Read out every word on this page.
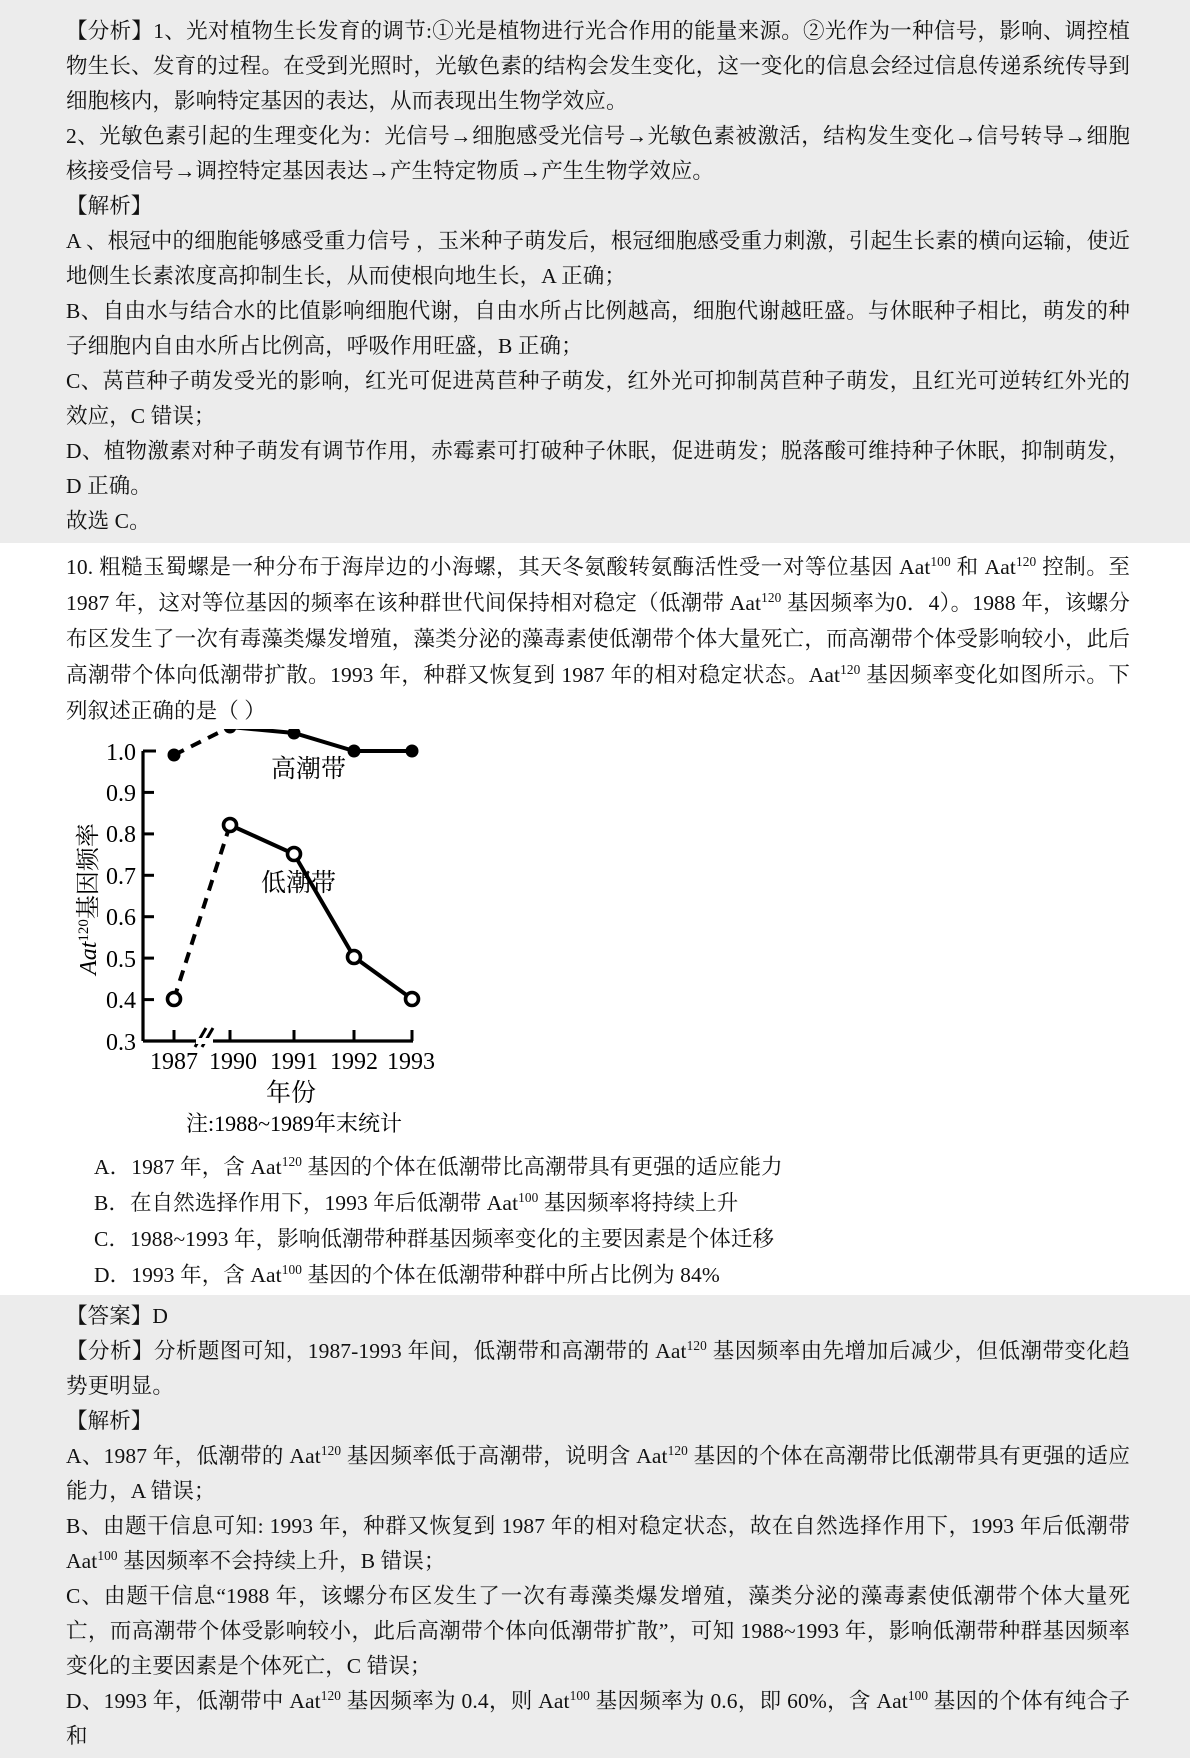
【分析】1、光对植物生长发育的调节:①光是植物进行光合作用的能量来源。②光作为一种信号，影响、调控植物生长、发育的过程。在受到光照时，光敏色素的结构会发生变化，这一变化的信息会经过信息传递系统传导到细胞核内，影响特定基因的表达，从而表现出生物学效应。

2、光敏色素引起的生理变化为：光信号→细胞感受光信号→光敏色素被激活，结构发生变化→信号转导→细胞核接受信号→调控特定基因表达→产生特定物质→产生生物学效应。

【解析】

A 、根冠中的细胞能够感受重力信号 ，玉米种子萌发后，根冠细胞感受重力刺激，引起生长素的横向运输，使近地侧生长素浓度高抑制生长，从而使根向地生长，A 正确；

B、自由水与结合水的比值影响细胞代谢，自由水所占比例越高，细胞代谢越旺盛。与休眠种子相比，萌发的种子细胞内自由水所占比例高，呼吸作用旺盛，B 正确；

C、莴苣种子萌发受光的影响，红光可促进莴苣种子萌发，红外光可抑制莴苣种子萌发，且红光可逆转红外光的效应，C 错误；

D、植物激素对种子萌发有调节作用，赤霉素可打破种子休眠，促进萌发；脱落酸可维持种子休眠，抑制萌发，D 正确。

故选 C。

10. 粗糙玉蜀螺是一种分布于海岸边的小海螺，其天冬氨酸转氨酶活性受一对等位基因 Aat$^{100}$ 和 Aat$^{120}$ 控制。至 1987 年，这对等位基因的频率在该种群世代间保持相对稳定（低潮带 Aat$^{120}$ 基因频率为0．4）。1988 年，该螺分布区发生了一次有毒藻类爆发增殖，藻类分泌的藻毒素使低潮带个体大量死亡，而高潮带个体受影响较小，此后高潮带个体向低潮带扩散。1993 年，种群又恢复到 1987 年的相对稳定状态。Aat$^{120}$ 基因频率变化如图所示。下列叙述正确的是（ ）

1.0
0.9
0.8
0.7
0.6
0.5
0.4
0.3
1987 1990 1991 1992 1993
年份
注:1988~1989年末统计
Aat$^{120}$基因频率
高潮带
低潮带

A．1987 年，含 Aat$^{120}$ 基因的个体在低潮带比高潮带具有更强的适应能力

B．在自然选择作用下，1993 年后低潮带 Aat$^{100}$ 基因频率将持续上升

C．1988~1993 年，影响低潮带种群基因频率变化的主要因素是个体迁移

D．1993 年，含 Aat$^{100}$ 基因的个体在低潮带种群中所占比例为 84%

【答案】D

【分析】分析题图可知，1987-1993 年间，低潮带和高潮带的 Aat$^{120}$ 基因频率由先增加后减少，但低潮带变化趋势更明显。

【解析】

A、1987 年，低潮带的 Aat$^{120}$ 基因频率低于高潮带，说明含 Aat$^{120}$ 基因的个体在高潮带比低潮带具有更强的适应能力，A 错误；

B、由题干信息可知: 1993 年，种群又恢复到 1987 年的相对稳定状态，故在自然选择作用下，1993 年后低潮带 Aat$^{100}$ 基因频率不会持续上升，B 错误；

C、由题干信息“1988 年，该螺分布区发生了一次有毒藻类爆发增殖，藻类分泌的藻毒素使低潮带个体大量死亡，而高潮带个体受影响较小，此后高潮带个体向低潮带扩散”，可知 1988~1993 年，影响低潮带种群基因频率变化的主要因素是个体死亡，C 错误；

D、1993 年，低潮带中 Aat$^{120}$ 基因频率为 0.4，则 Aat$^{100}$ 基因频率为 0.6，即 60%，含 Aat$^{100}$ 基因的个体有纯合子和
